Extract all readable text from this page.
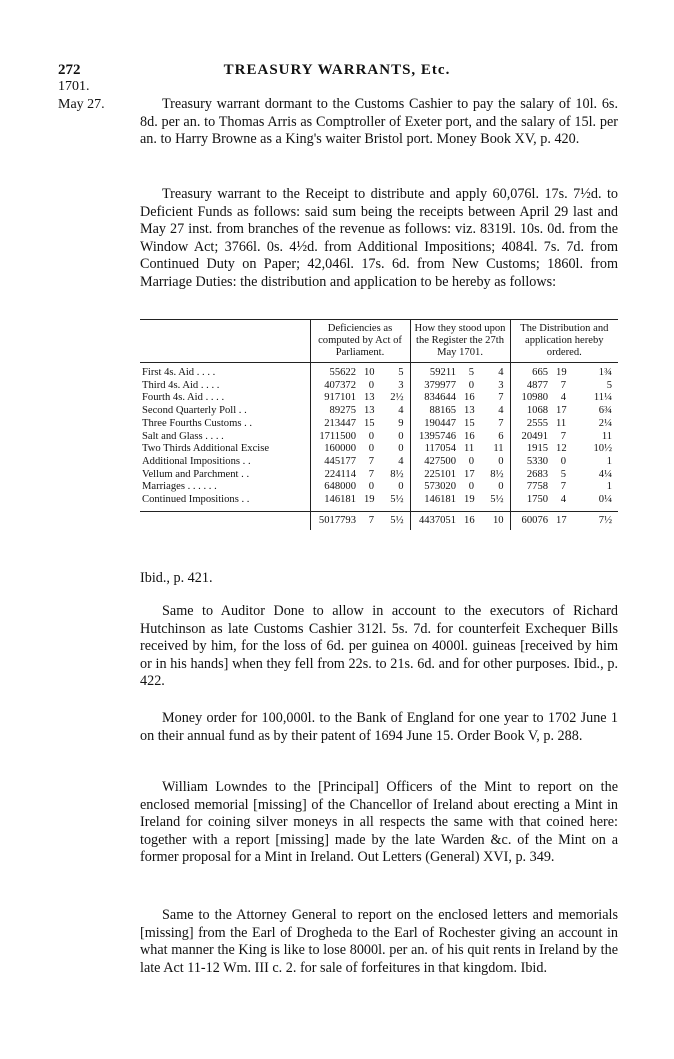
272	TREASURY WARRANTS, Etc.
1701.
May 27.	Treasury warrant dormant to the Customs Cashier to pay the salary of 10l. 6s. 8d. per an. to Thomas Arris as Comptroller of Exeter port, and the salary of 15l. per an. to Harry Browne as a King's waiter Bristol port. Money Book XV, p. 420.

Treasury warrant to the Receipt to distribute and apply 60,076l. 17s. 7½d. to Deficient Funds as follows: said sum being the receipts between April 29 last and May 27 inst. from branches of the revenue as follows: viz. 8319l. 10s. 0d. from the Window Act; 3766l. 0s. 4½d. from Additional Impositions; 4084l. 7s. 7d. from Continued Duty on Paper; 42,046l. 17s. 6d. from New Customs; 1860l. from Marriage Duties: the distribution and application to be hereby as follows:

	Deficiencies as computed by Act of Parliament.			How they stood upon the Register the 27th May 1701.			The Distribution and application hereby ordered.		
First 4s. Aid . . . .	55622	10	5	59211	5	4	665	19	1¾
Third 4s. Aid . . . .	407372	0	3	379977	0	3	4877	7	5
Fourth 4s. Aid . . . .	917101	13	2½	834644	16	7	10980	4	11¼
Second Quarterly Poll . .	89275	13	4	88165	13	4	1068	17	6¾
Three Fourths Customs . .	213447	15	9	190447	15	7	2555	11	2¼
Salt and Glass . . . .	1711500	0	0	1395746	16	6	20491	7	11
Two Thirds Additional Excise	160000	0	0	117054	11	11	1915	12	10½
Additional Impositions . .	445177	7	4	427500	0	0	5330	0	1
Vellum and Parchment . .	224114	7	8½	225101	17	8½	2683	5	4¼
Marriages . . . . . .	648000	0	0	573020	0	0	7758	7	1
Continued Impositions . .	146181	19	5½	146181	19	5½	1750	4	0¼
	5017793	7	5½	4437051	16	10	60076	17	7½
Ibid., p. 421.

Same to Auditor Done to allow in account to the executors of Richard Hutchinson as late Customs Cashier 312l. 5s. 7d. for counterfeit Exchequer Bills received by him, for the loss of 6d. per guinea on 4000l. guineas [received by him or in his hands] when they fell from 22s. to 21s. 6d. and for other purposes. Ibid., p. 422.

Money order for 100,000l. to the Bank of England for one year to 1702 June 1 on their annual fund as by their patent of 1694 June 15. Order Book V, p. 288.

William Lowndes to the [Principal] Officers of the Mint to report on the enclosed memorial [missing] of the Chancellor of Ireland about erecting a Mint in Ireland for coining silver moneys in all respects the same with that coined here: together with a report [missing] made by the late Warden &c. of the Mint on a former proposal for a Mint in Ireland. Out Letters (General) XVI, p. 349.

Same to the Attorney General to report on the enclosed letters and memorials [missing] from the Earl of Drogheda to the Earl of Rochester giving an account in what manner the King is like to lose 8000l. per an. of his quit rents in Ireland by the late Act 11-12 Wm. III c. 2. for sale of forfeitures in that kingdom. Ibid.
